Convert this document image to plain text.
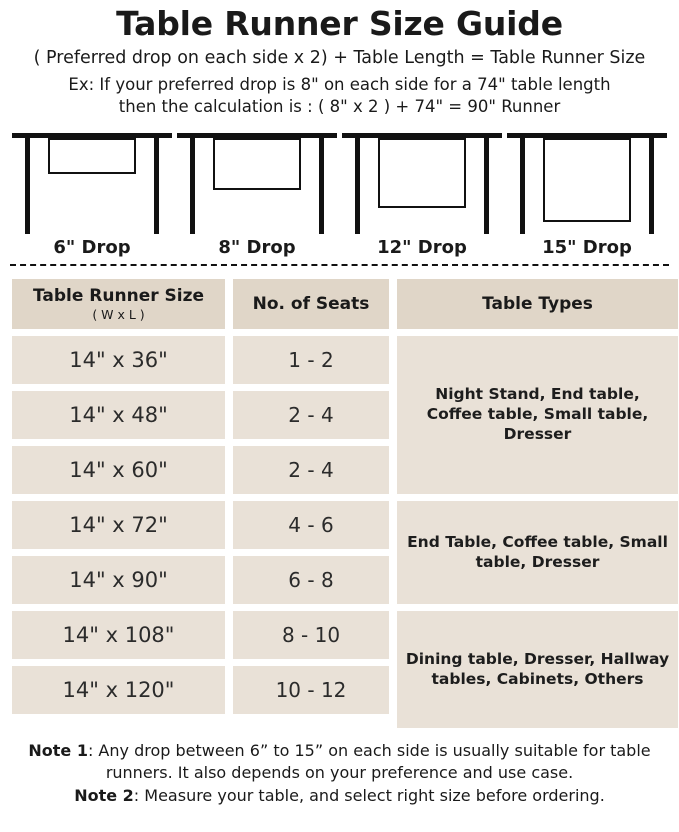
Table Runner Size Guide
( Preferred drop on each side x 2) + Table Length = Table Runner Size
Ex: If your preferred drop is 8" on each side for a 74" table length
then the calculation is : ( 8" x 2 ) + 74" = 90" Runner
6" Drop	8" Drop	12" Drop	15" Drop
Table Runner Size
( W x L )
No. of Seats	Table Types
14" x 36"	1 - 2
Night Stand, End table, Coffee table, Small table, Dresser
14" x 48"	2 - 4
14" x 60"	2 - 4
14" x 72"	4 - 6
End Table, Coffee table, Small table, Dresser
14" x 90"	6 - 8
14" x 108"	8 - 10
Dining table, Dresser, Hallway tables, Cabinets, Others
14" x 120"	10 - 12
Note 1: Any drop between 6” to 15” on each side is usually suitable for table runners. It also depends on your preference and use case.
Note 2: Measure your table, and select right size before ordering.
